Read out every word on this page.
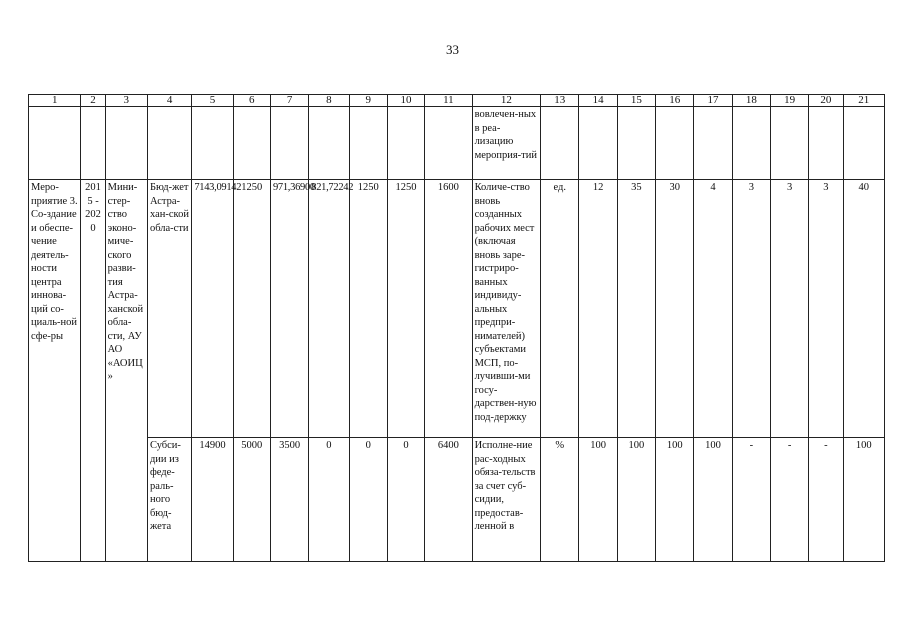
33
1	2	3	4	5	6	7	8	9	10	11	12	13	14	15	16	17	18	19	20	21
											вовлечен-ных в реа-лизацию мероприя-тий									
Меро-приятие 3. Со-здание и обеспе-чение деятель-ности центра иннова-ций со-циаль-ной сфе-ры	2015 - 2020	Мини-стер-ство эконо-миче-ского разви-тия Астра-ханской обла-сти, АУ АО «АОИЦ»	Бюд-жет Астра-хан-ской обла-сти	7143,09142	1250	971,36900	821,72242	1250	1250	1600	Количе-ство вновь созданных рабочих мест (включая вновь заре-гистриро-ванных индивиду-альных предпри-нимателей) субъектами МСП, по-лучивши-ми госу-дарствен-ную под-держку	ед.	12	35	30	4	3	3	3	40
			Субси-дии из феде-раль-ного бюд-жета	14900	5000	3500	0	0	0	6400	Исполне-ние рас-ходных обяза-тельств за счет суб-сидии, предостав-ленной в	%	100	100	100	100	-	-	-	100
